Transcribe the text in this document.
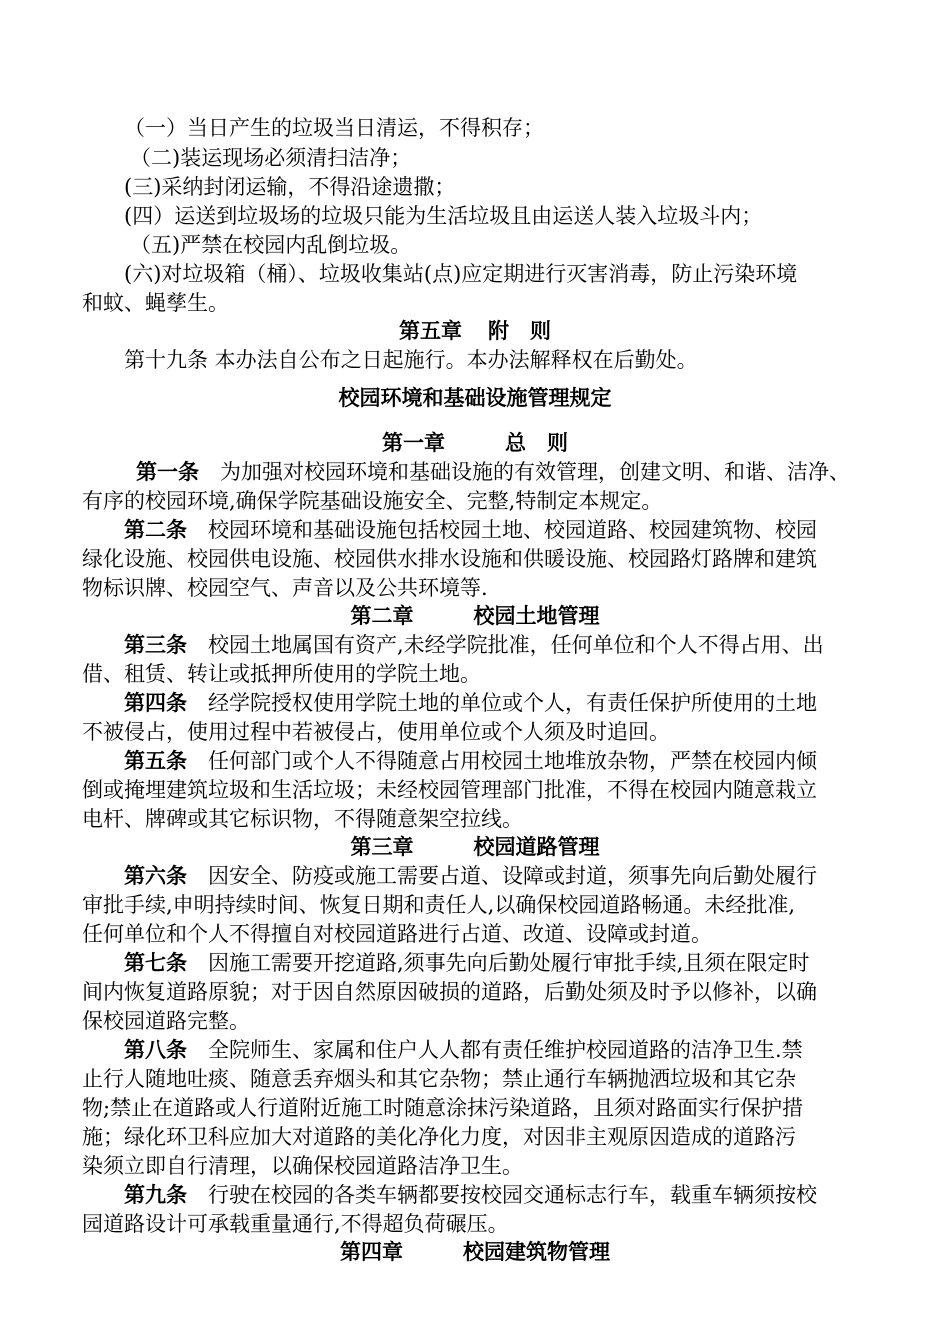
（一）当日产生的垃圾当日清运，不得积存；
（二)装运现场必须清扫洁净；
(三)采纳封闭运输，不得沿途遗撒；
(四）运送到垃圾场的垃圾只能为生活垃圾且由运送人装入垃圾斗内；
（五)严禁在校园内乱倒垃圾。
(六)对垃圾箱（桶）、垃圾收集站(点)应定期进行灭害消毒，防止污染环境
和蚊、蝇孳生。
第五章 附　则
第十九条 本办法自公布之日起施行。本办法解释权在后勤处。
校园环境和基础设施管理规定
第一章	总　则
第一条　 为加强对校园环境和基础设施的有效管理，创建文明、和谐、洁净、
有序的校园环境,确保学院基础设施安全、完整,特制定本规定。
第二条　 校园环境和基础设施包括校园土地、校园道路、校园建筑物、校园
绿化设施、校园供电设施、校园供水排水设施和供暖设施、校园路灯路牌和建筑
物标识牌、校园空气、声音以及公共环境等.
第二章	校园土地管理
第三条　 校园土地属国有资产,未经学院批准，任何单位和个人不得占用、出
借、租赁、转让或抵押所使用的学院土地。
第四条　 经学院授权使用学院土地的单位或个人，有责任保护所使用的土地
不被侵占，使用过程中若被侵占，使用单位或个人须及时追回。
第五条　 任何部门或个人不得随意占用校园土地堆放杂物，严禁在校园内倾
倒或掩埋建筑垃圾和生活垃圾；未经校园管理部门批准，不得在校园内随意栽立
电杆、牌碑或其它标识物，不得随意架空拉线。
第三章	校园道路管理
第六条　 因安全、防疫或施工需要占道、设障或封道，须事先向后勤处履行
审批手续,申明持续时间、恢复日期和责任人,以确保校园道路畅通。未经批准,
任何单位和个人不得擅自对校园道路进行占道、改道、设障或封道。
第七条　 因施工需要开挖道路,须事先向后勤处履行审批手续,且须在限定时
间内恢复道路原貌；对于因自然原因破损的道路，后勤处须及时予以修补，以确
保校园道路完整。
第八条　 全院师生、家属和住户人人都有责任维护校园道路的洁净卫生.禁
止行人随地吐痰、随意丢弃烟头和其它杂物；禁止通行车辆抛洒垃圾和其它杂
物;禁止在道路或人行道附近施工时随意涂抹污染道路，且须对路面实行保护措
施；绿化环卫科应加大对道路的美化净化力度，对因非主观原因造成的道路污
染须立即自行清理，以确保校园道路洁净卫生。
第九条　 行驶在校园的各类车辆都要按校园交通标志行车，载重车辆须按校
园道路设计可承载重量通行,不得超负荷碾压。
第四章	校园建筑物管理
